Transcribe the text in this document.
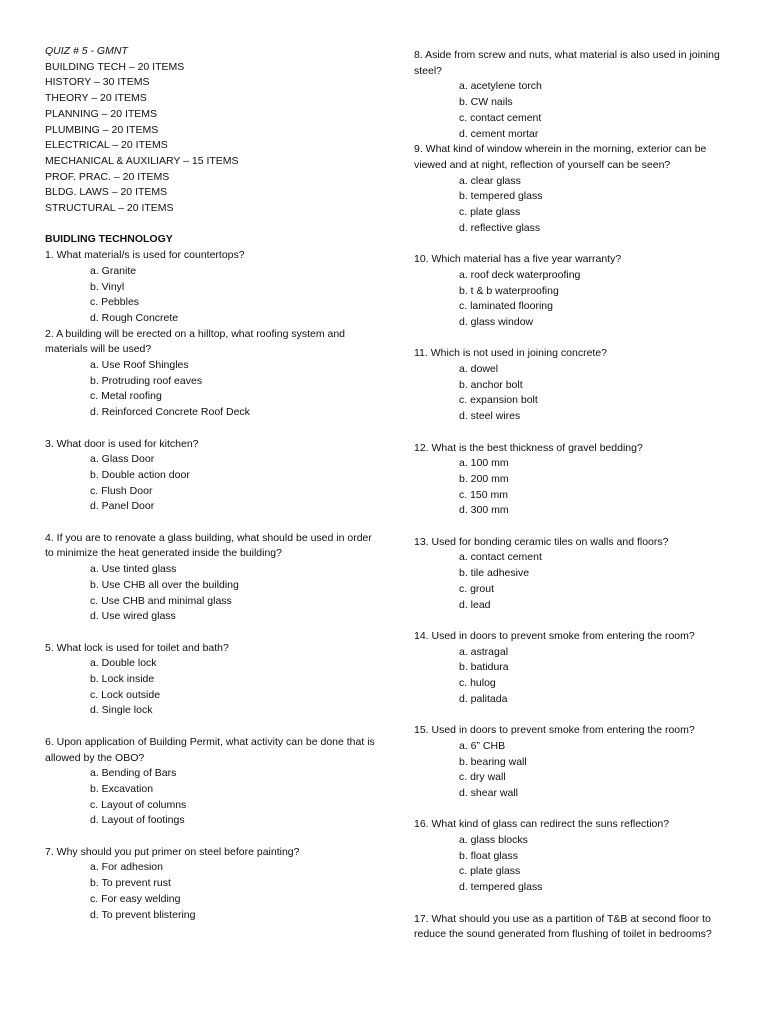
QUIZ # 5 - GMNT
BUILDING TECH – 20 ITEMS
HISTORY – 30 ITEMS
THEORY – 20 ITEMS
PLANNING – 20 ITEMS
PLUMBING – 20 ITEMS
ELECTRICAL – 20 ITEMS
MECHANICAL & AUXILIARY – 15 ITEMS
PROF. PRAC. – 20 ITEMS
BLDG. LAWS – 20 ITEMS
STRUCTURAL – 20 ITEMS
BUIDLING TECHNOLOGY
1. What material/s is used for countertops?
a. Granite
b. Vinyl
c. Pebbles
d. Rough Concrete
2. A building will be erected on a hilltop, what roofing system and materials will be used?
a. Use Roof Shingles
b. Protruding roof eaves
c. Metal roofing
d. Reinforced Concrete Roof Deck
3. What door is used for kitchen?
a. Glass Door
b. Double action door
c. Flush Door
d. Panel Door
4. If you are to renovate a glass building, what should be used in order to minimize the heat generated inside the building?
a. Use tinted glass
b. Use CHB all over the building
c. Use CHB and minimal glass
d. Use wired glass
5. What lock is used for toilet and bath?
a. Double lock
b. Lock inside
c. Lock outside
d. Single lock
6. Upon application of Building Permit, what activity can be done that is allowed by the OBO?
a. Bending of Bars
b. Excavation
c. Layout of columns
d. Layout of footings
7. Why should you put primer on steel before painting?
a. For adhesion
b. To prevent rust
c. For easy welding
d. To prevent blistering
8. Aside from screw and nuts, what material is also used in joining steel?
a. acetylene torch
b. CW nails
c. contact cement
d. cement mortar
9. What kind of window wherein in the morning, exterior can be viewed and at night, reflection of yourself can be seen?
a. clear glass
b. tempered glass
c. plate glass
d. reflective glass
10. Which material has a five year warranty?
a. roof deck waterproofing
b. t & b waterproofing
c. laminated flooring
d. glass window
11. Which is not used in joining concrete?
a. dowel
b. anchor bolt
c. expansion bolt
d. steel wires
12. What is the best thickness of gravel bedding?
a. 100 mm
b. 200 mm
c. 150 mm
d. 300 mm
13. Used for bonding ceramic tiles on walls and floors?
a. contact cement
b. tile adhesive
c. grout
d. lead
14. Used in doors to prevent smoke from entering the room?
a. astragal
b. batidura
c. hulog
d. palitada
15. Used in doors to prevent smoke from entering the room?
a. 6” CHB
b. bearing wall
c. dry wall
d. shear wall
16. What kind of glass can redirect the suns reflection?
a. glass blocks
b. float glass
c. plate glass
d. tempered glass
17. What should you use as a partition of T&B at second floor to reduce the sound generated from flushing of toilet in bedrooms?
